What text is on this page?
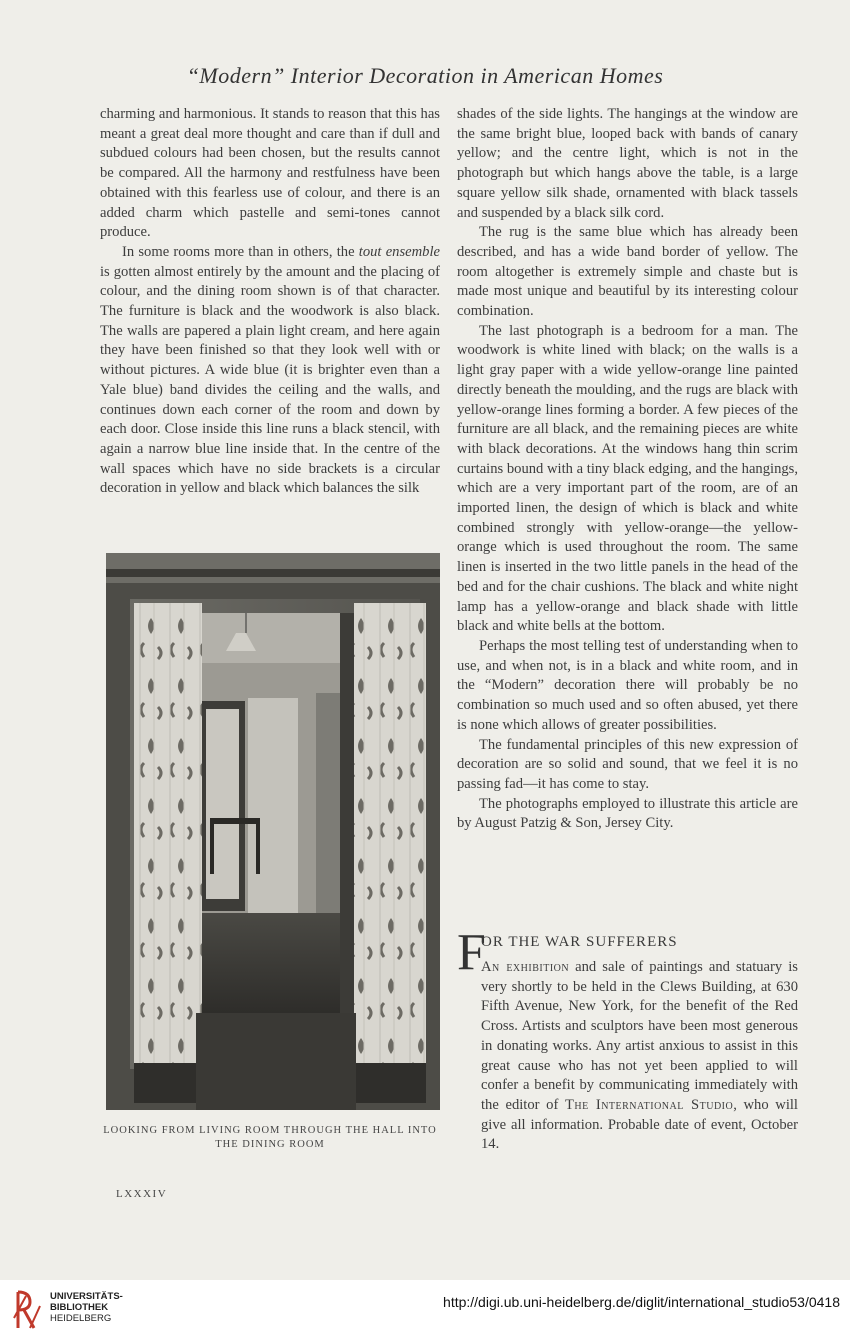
“Modern” Interior Decoration in American Homes

charming and harmonious. It stands to reason that this has meant a great deal more thought and care than if dull and subdued colours had been chosen, but the results cannot be compared. All the harmony and restfulness have been obtained with this fearless use of colour, and there is an added charm which pastelle and semi-tones cannot produce.

In some rooms more than in others, the tout ensemble is gotten almost entirely by the amount and the placing of colour, and the dining room shown is of that character. The furniture is black and the woodwork is also black. The walls are papered a plain light cream, and here again they have been finished so that they look well with or without pictures. A wide blue (it is brighter even than a Yale blue) band divides the ceiling and the walls, and continues down each corner of the room and down by each door. Close inside this line runs a black stencil, with again a narrow blue line inside that. In the centre of the wall spaces which have no side brackets is a circular decoration in yellow and black which balances the silk

LOOKING FROM LIVING ROOM THROUGH THE HALL INTO THE DINING ROOM
LXXXIV

shades of the side lights. The hangings at the window are the same bright blue, looped back with bands of canary yellow; and the centre light, which is not in the photograph but which hangs above the table, is a large square yellow silk shade, ornamented with black tassels and suspended by a black silk cord.

The rug is the same blue which has already been described, and has a wide band border of yellow. The room altogether is extremely simple and chaste but is made most unique and beautiful by its interesting colour combination.

The last photograph is a bedroom for a man. The woodwork is white lined with black; on the walls is a light gray paper with a wide yellow-orange line painted directly beneath the moulding, and the rugs are black with yellow-orange lines forming a border. A few pieces of the furniture are all black, and the remaining pieces are white with black decorations. At the windows hang thin scrim curtains bound with a tiny black edging, and the hangings, which are a very important part of the room, are of an imported linen, the design of which is black and white combined strongly with yellow-orange—the yellow-orange which is used throughout the room. The same linen is inserted in the two little panels in the head of the bed and for the chair cushions. The black and white night lamp has a yellow-orange and black shade with little black and white bells at the bottom.

Perhaps the most telling test of understanding when to use, and when not, is in a black and white room, and in the “Modern” decoration there will probably be no combination so much used and so often abused, yet there is none which allows of greater possibilities.

The fundamental principles of this new expression of decoration are so solid and sound, that we feel it is no passing fad—it has come to stay.

The photographs employed to illustrate this article are by August Patzig & Son, Jersey City.

F
OR THE WAR SUFFERERS

An exhibition and sale of paintings and statuary is very shortly to be held in the Clews Building, at 630 Fifth Avenue, New York, for the benefit of the Red Cross. Artists and sculptors have been most generous in donating works. Any artist anxious to assist in this great cause who has not yet been applied to will confer a benefit by communicating immediately with the editor of The International Studio, who will give all information. Probable date of event, October 14.

UNIVERSITÄTS-
BIBLIOTHEK
HEIDELBERG
http://digi.ub.uni-heidelberg.de/diglit/international_studio53/0418
